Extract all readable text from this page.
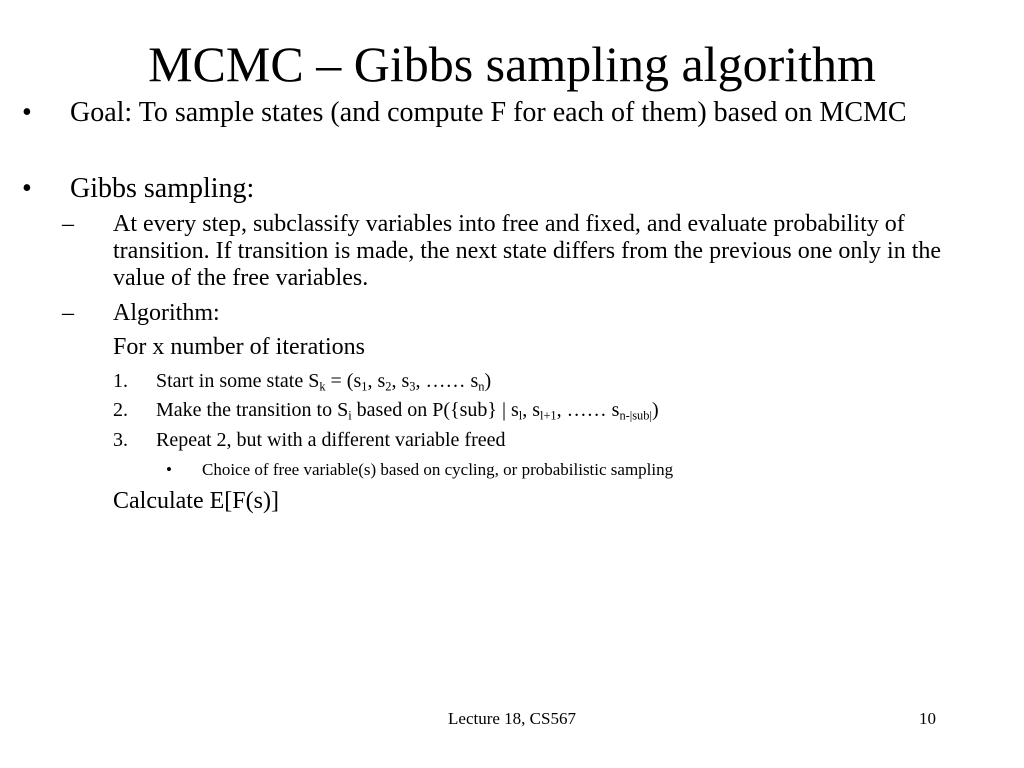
MCMC – Gibbs sampling algorithm
• Goal: To sample states (and compute F for each of them) based on MCMC
• Gibbs sampling:
– At every step, subclassify variables into free and fixed, and evaluate probability of transition. If transition is made, the next state differs from the previous one only in the value of the free variables.
– Algorithm:
For x number of iterations
1. Start in some state $S_k = (s_1$, $s_2$, $s_3$, …… $s_n$)
2. Make the transition to $S_i$ based on P({sub} | $s_l$, $s_{l+1}$, …… $s_{n-|sub|}$)
3. Repeat 2, but with a different variable freed
• Choice of free variable(s) based on cycling, or probabilistic sampling
Calculate E[F(s)]
Lecture 18, CS567	10
